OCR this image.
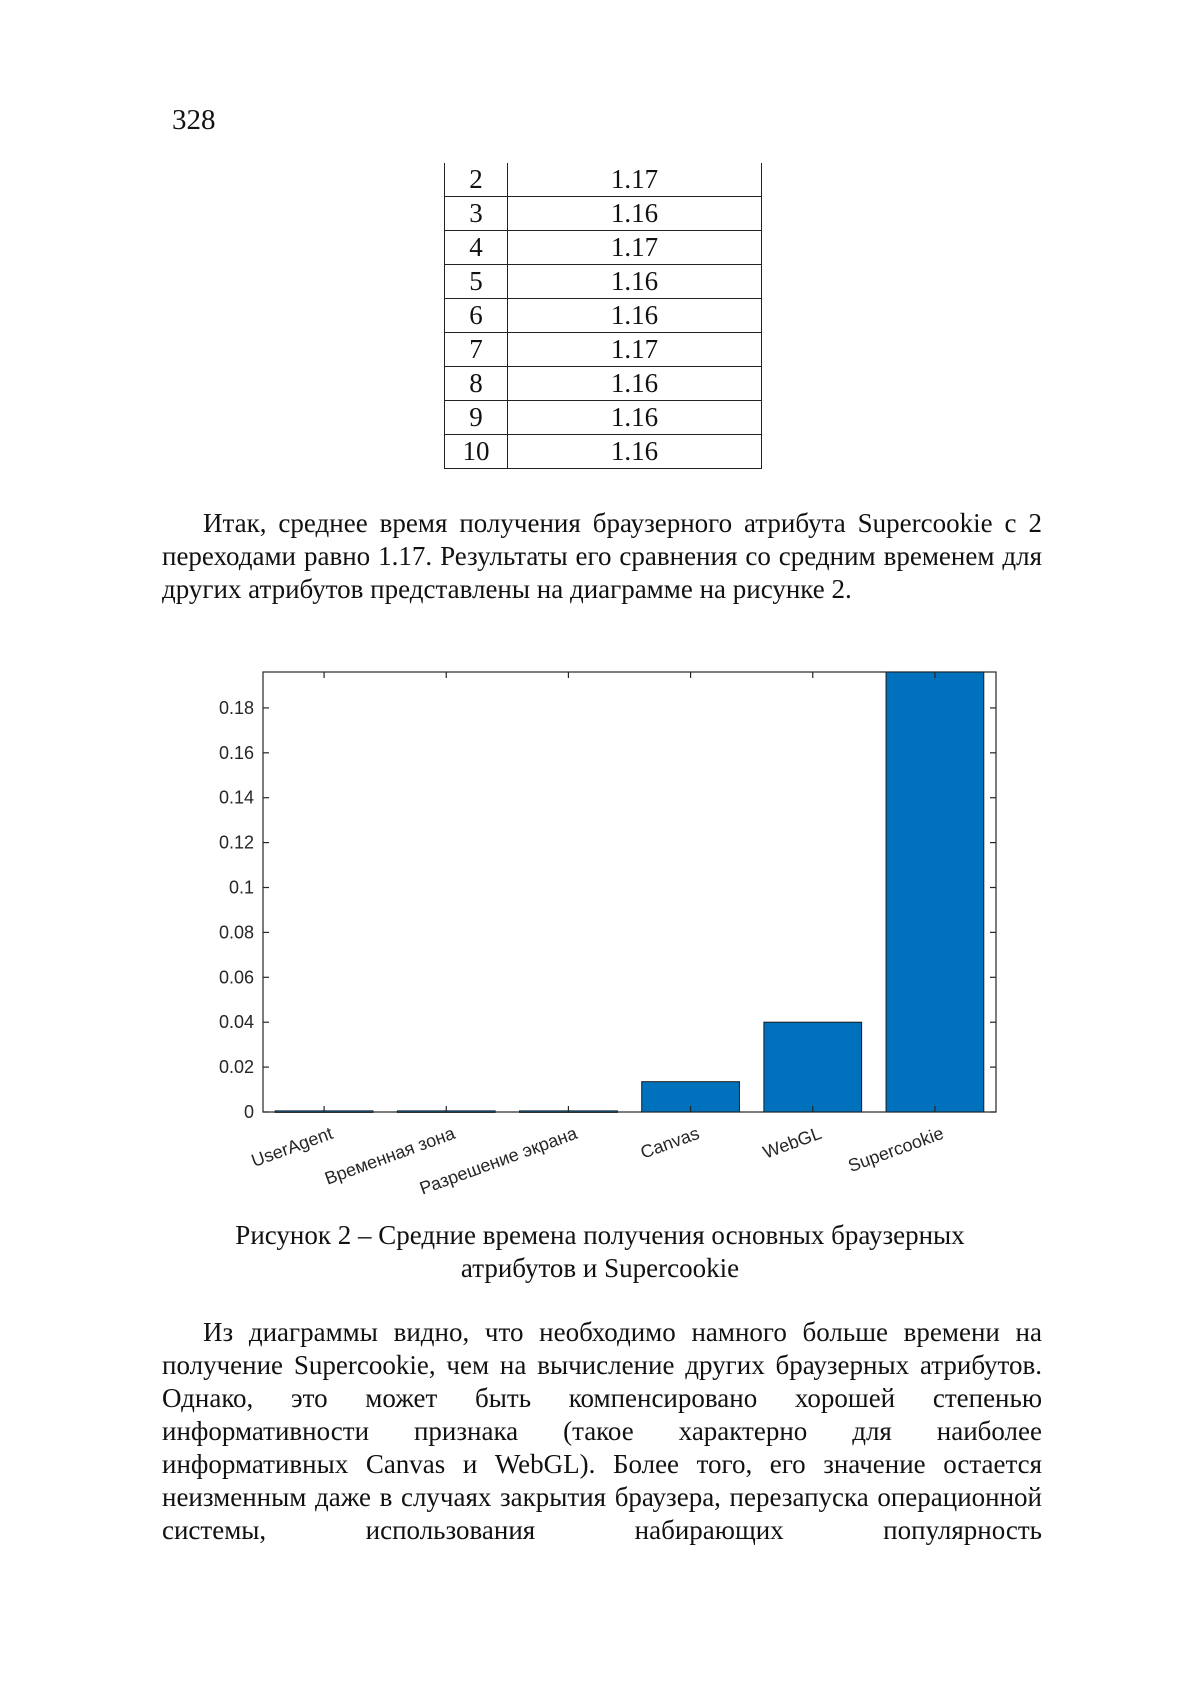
328
2	1.17
3	1.16
4	1.17
5	1.16
6	1.16
7	1.17
8	1.16
9	1.16
10	1.16

Итак, среднее время получения браузерного атрибута Supercookie с 2 переходами равно 1.17. Результаты его сравнения со средним временем для других атрибутов представлены на диаграмме на рисунке 2.

0
0.02
0.04
0.06
0.08
0.1
0.12
0.14
0.16
0.18
UserAgent
Временная зона
Разрешение экрана	Canvas	WebGL Supercookie
Рисунок 2 – Средние времена получения основных браузерных
атрибутов и Supercookie

Из диаграммы видно, что необходимо намного больше времени на получение Supercookie, чем на вычисление других браузерных атрибутов. Однако, это может быть компенсировано хорошей степенью информативности признака (такое характерно для наиболее информативных Canvas и WebGL). Более того, его значение остается неизменным даже в случаях закрытия браузера, перезапуска операционной системы, использования набирающих популярность
